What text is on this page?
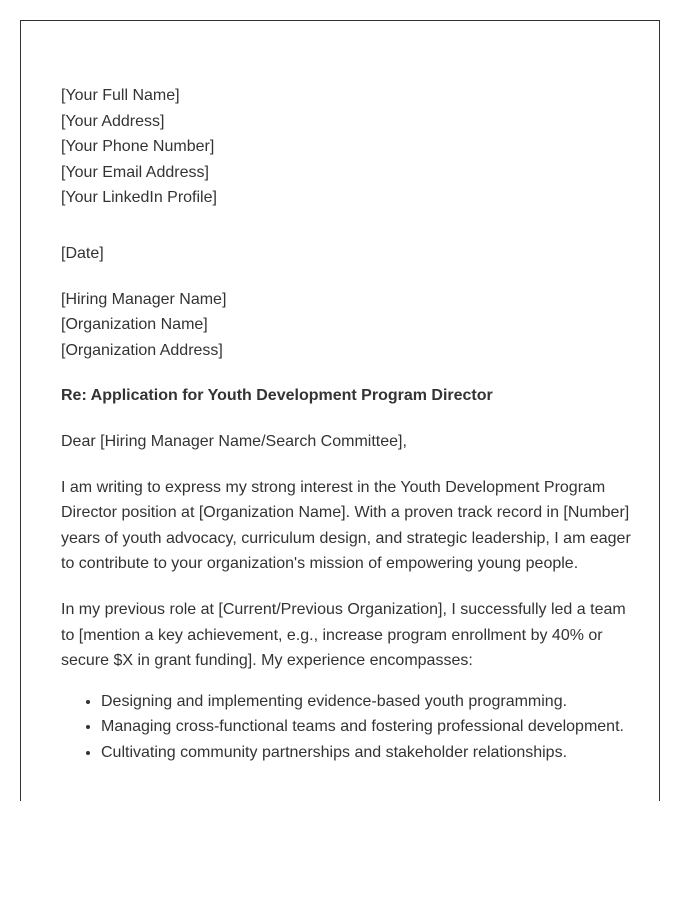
[Your Full Name]
[Your Address]
[Your Phone Number]
[Your Email Address]
[Your LinkedIn Profile]
[Date]
[Hiring Manager Name]
[Organization Name]
[Organization Address]
Re: Application for Youth Development Program Director
Dear [Hiring Manager Name/Search Committee],
I am writing to express my strong interest in the Youth Development Program Director position at [Organization Name]. With a proven track record in [Number] years of youth advocacy, curriculum design, and strategic leadership, I am eager to contribute to your organization's mission of empowering young people.
In my previous role at [Current/Previous Organization], I successfully led a team to [mention a key achievement, e.g., increase program enrollment by 40% or secure $X in grant funding]. My experience encompasses:
• Designing and implementing evidence-based youth programming.
• Managing cross-functional teams and fostering professional development.
• Cultivating community partnerships and stakeholder relationships.
